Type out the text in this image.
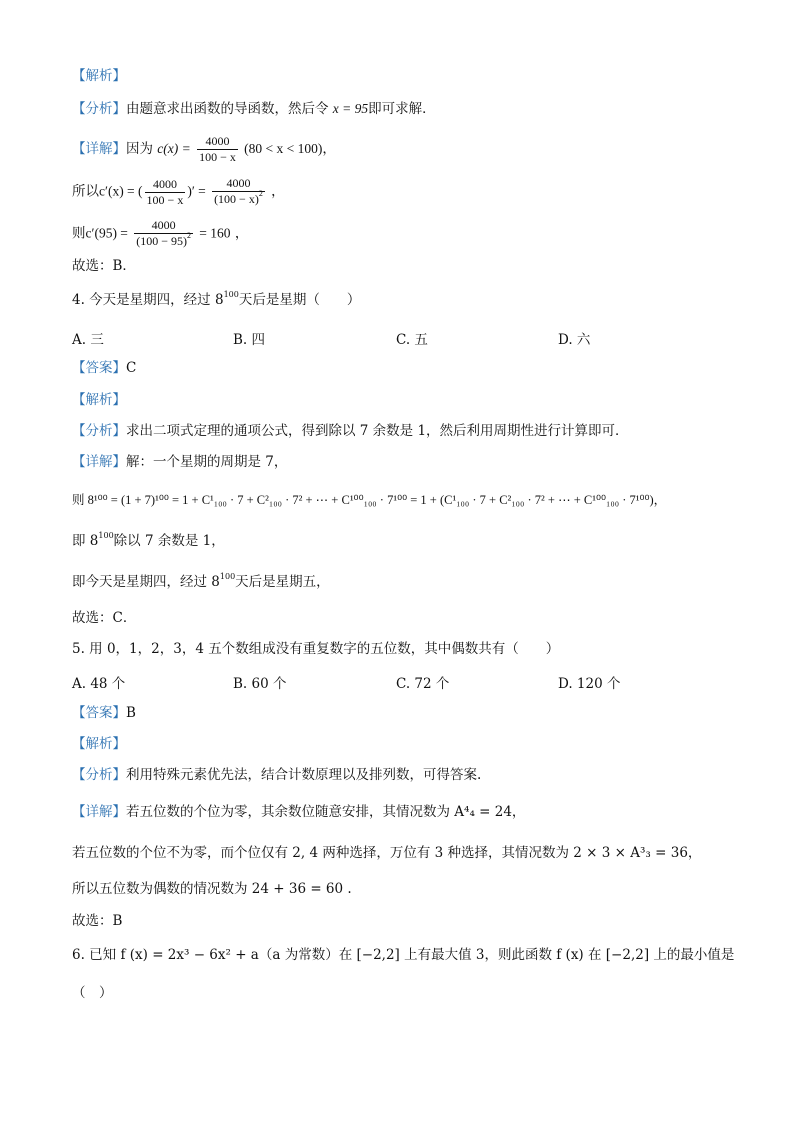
【解析】
【分析】由题意求出函数的导函数，然后令 x = 95即可求解．
【详解】因为 $c(x) = \frac{4000}{100 - x} (80 < x < 100)$，
所以c′(x) = ( $\frac{4000}{100 - x}$ )′ = $\frac{4000}{(100 - x)^2}$ ，
则$c'(95) = \frac{4000}{(100 - 95)^2} = 160$ ，
故选：B．
4. 今天是星期四，经过 $8^{100}$天后是星期（　　）
A. 三	B. 四	C. 五	D. 六
【答案】C
【解析】
【分析】求出二项式定理的通项公式，得到除以 7 余数是 1，然后利用周期性进行计算即可．
【详解】解：一个星期的周期是 7，
则 8¹⁰⁰ = (1 + 7)¹⁰⁰ = 1 + C¹₁₀₀ · 7 + C²₁₀₀ · 7² + ⋯ + C¹⁰⁰₁₀₀ · 7¹⁰⁰ = 1 + (C¹₁₀₀ · 7 + C²₁₀₀ · 7² + ⋯ + C¹⁰⁰₁₀₀ · 7¹⁰⁰)，
即 $8^{100}$除以 7 余数是 1，
即今天是星期四，经过 $8^{100}$天后是星期五，
故选：C．
5. 用 0，1，2，3，4 五个数组成没有重复数字的五位数，其中偶数共有（　　）
A. 48 个	B. 60 个	C. 72 个	D. 120 个
【答案】B
【解析】
【分析】利用特殊元素优先法，结合计数原理以及排列数，可得答案.
【详解】若五位数的个位为零，其余数位随意安排，其情况数为 A⁴₄ = 24，
若五位数的个位不为零，而个位仅有 2, 4 两种选择，万位有 3 种选择，其情况数为 2 × 3 × A³₃ = 36，
所以五位数为偶数的情况数为 24 + 36 = 60 .
故选：B
6. 已知 f (x) = 2x³ − 6x² + a（a 为常数）在 [−2,2] 上有最大值 3，则此函数 f (x) 在 [−2,2] 上的最小值是
（　）
